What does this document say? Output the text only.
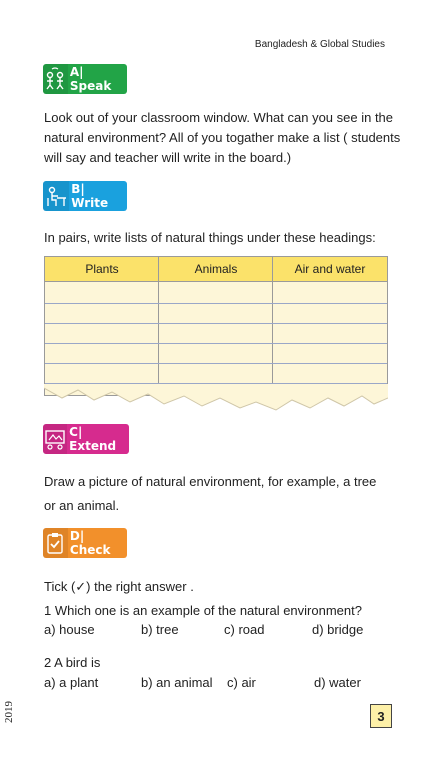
Bangladesh & Global Studies
A| Speak
Look out of your classroom window. What can you see in the
natural environment? All of you togather make a list ( students
will say and teacher will write in the board.)
B| Write
In pairs, write lists of natural things under these headings:
Plants	Animals	Air and water
C| Extend
Draw a picture of natural environment, for example, a tree
or an animal.
D| Check
Tick (✓) the right answer .
1 Which one is an example of the natural environment?
a) house	b) tree	c) road	d) bridge
2 A bird is
a) a plant	b) an animal c) air	d) water
2019	3
